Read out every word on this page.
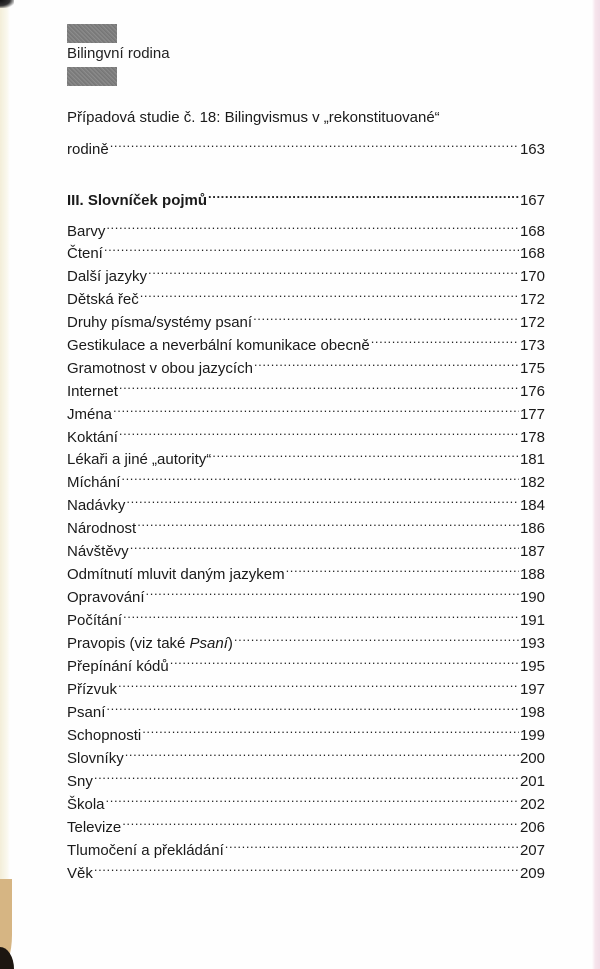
Bilingvní rodina
Případová studie č. 18: Bilingvismus v „rekonstituované“
rodině .....	163
III. Slovníček pojmů .....	167
Barvy .....	168
Čtení .....	168
Další jazyky .....	170
Dětská řeč .....	172
Druhy písma/systémy psaní .....	172
Gestikulace a neverbální komunikace obecně .....	173
Gramotnost v obou jazycích .....	175
Internet .....	176
Jména .....	177
Koktání .....	178
Lékaři a jiné „autority“ .....	181
Míchání .....	182
Nadávky .....	184
Národnost .....	186
Návštěvy .....	187
Odmítnutí mluvit daným jazykem .....	188
Opravování .....	190
Počítání .....	191
Pravopis (viz také Psaní) .....	193
Přepínání kódů .....	195
Přízvuk .....	197
Psaní .....	198
Schopnosti .....	199
Slovníky .....	200
Sny .....	201
Škola .....	202
Televize .....	206
Tlumočení a překládání .....	207
Věk .....	209
